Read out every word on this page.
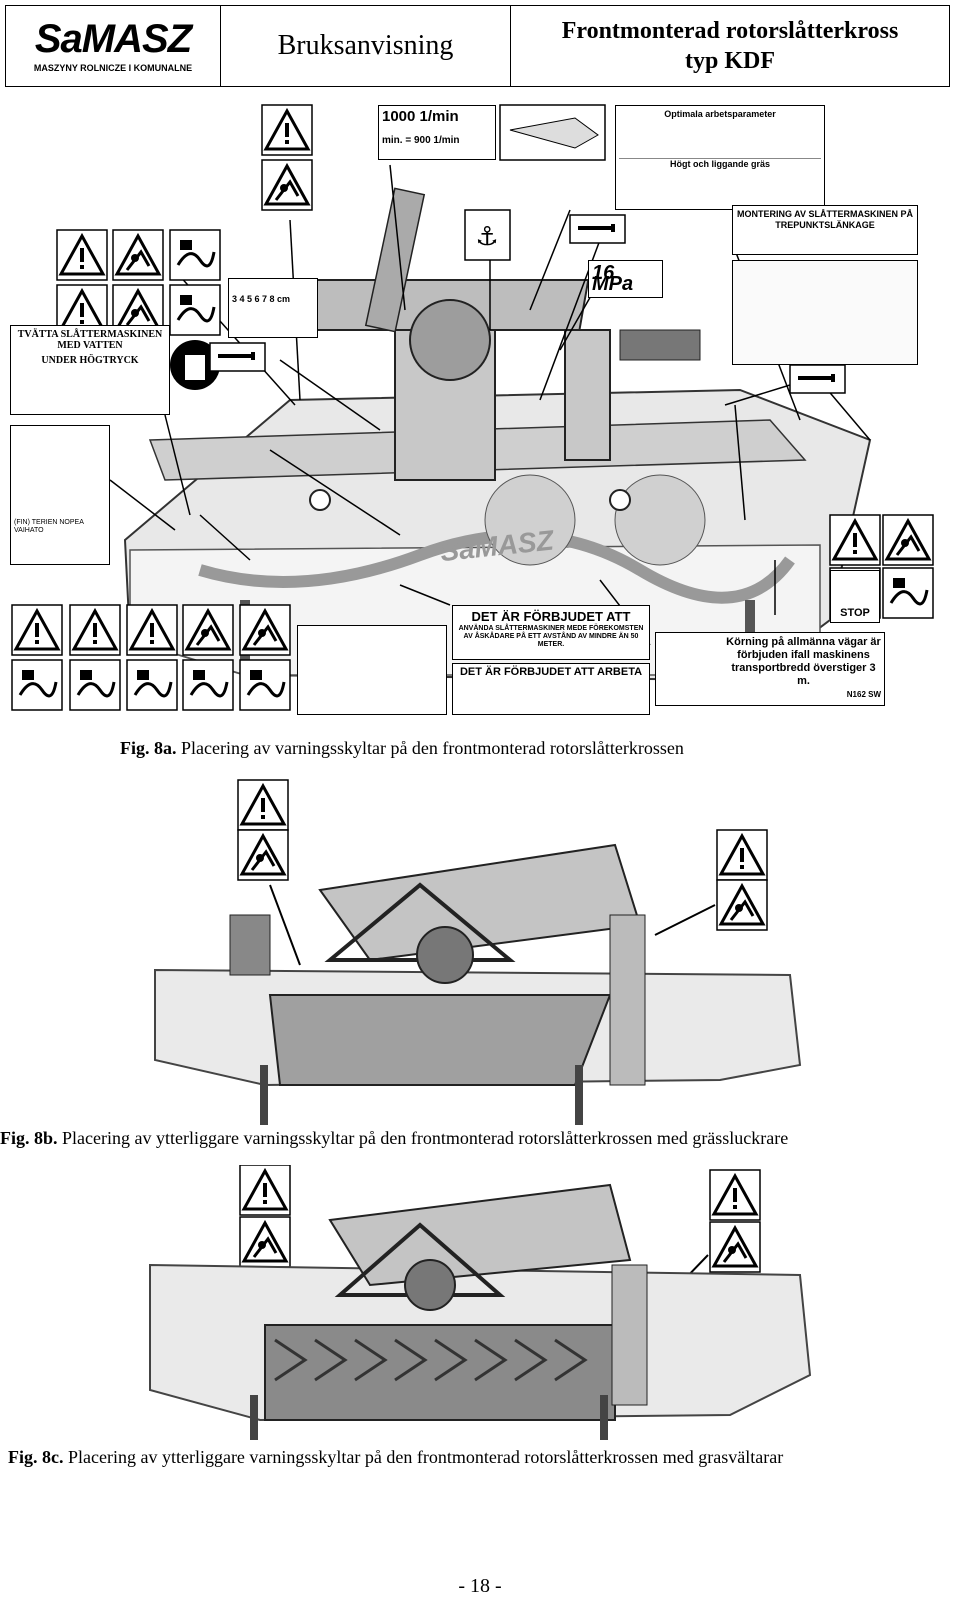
SaMASZ
MASZYNY ROLNICZE I KOMUNALNE
Bruksanvisning	Frontmonterad rotorslåtterkross
typ KDF
SaMASZ
⚓
1000 1/min
min. = 900 1/min
Optimala arbetsparameter
Högt och liggande gräs
16 MPa
MONTERING AV SLÅTTERMASKINEN PÅ TREPUNKTSLÄNKAGE
3 4 5 6 7 8 cm
TVÄTTA SLÅTTERMASKINEN MED VATTEN
UNDER HÖGTRYCK
(FIN) TERIEN NOPEA VAIHATO
DET ÄR FÖRBJUDET ATT
ANVÄNDA SLÅTTERMASKINER MEDE FÖREKOMSTEN AV ÅSKÅDARE PÅ ETT AVSTÅND AV MINDRE ÄN 50 METER.
DET ÄR FÖRBJUDET ATT ARBETA
Körning på allmänna vägar är förbjuden ifall maskinens transportbredd överstiger 3 m.
N162 SW
STOP
Fig. 8a. Placering av varningsskyltar på den frontmonterad rotorslåtterkrossen
Fig. 8b. Placering av ytterliggare varningsskyltar på den frontmonterad rotorslåtterkrossen med grässluckrare
Fig. 8c. Placering av ytterliggare varningsskyltar på den frontmonterad rotorslåtterkrossen med grasvältarar
- 18 -
